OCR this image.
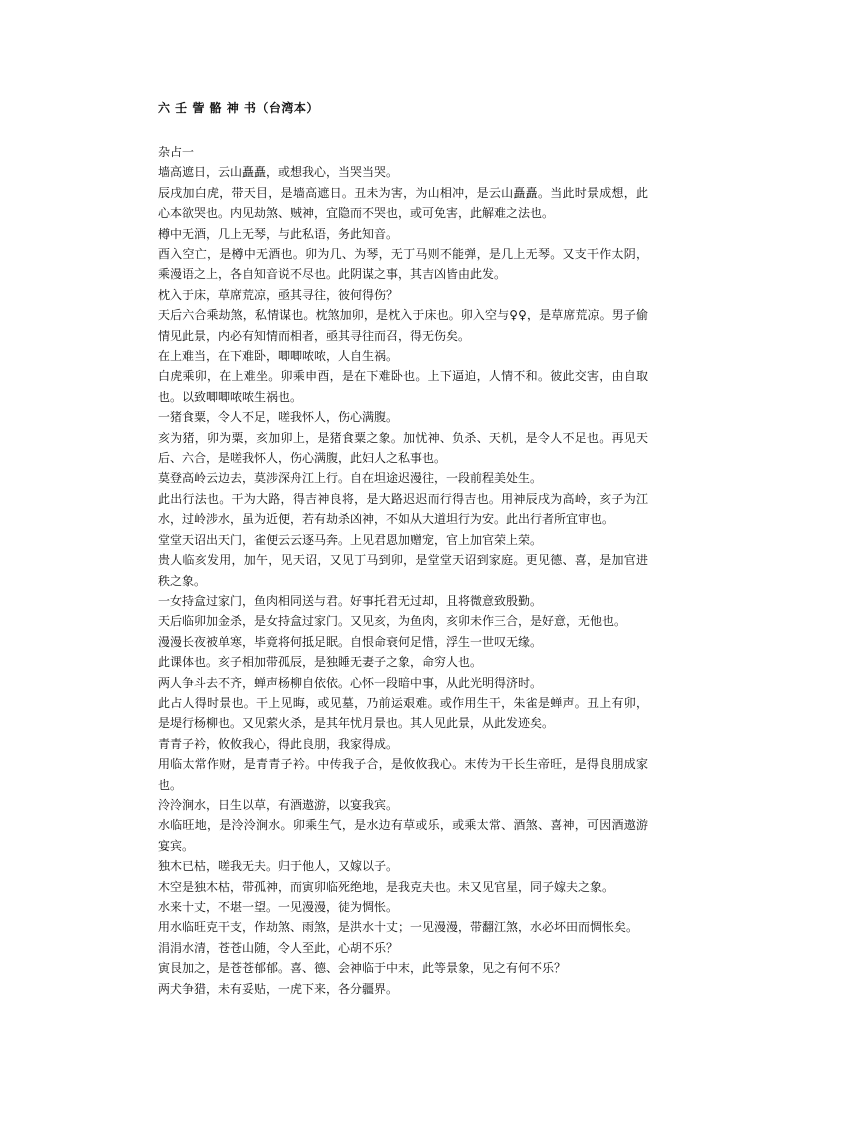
六 壬 訾 骼 神 书（台湾本）
杂占一

墙高遮日，云山矗矗，或想我心，当哭当哭。

辰戌加白虎，带天目，是墙高遮日。丑未为害，为山相冲，是云山矗矗。当此时景成想，此心本欲哭也。内见劫煞、贼神，宜隐而不哭也，或可免害，此解难之法也。

樽中无酒，几上无琴，与此私语，务此知音。

酉入空亡，是樽中无酒也。卯为几、为琴，无丁马则不能弹，是几上无琴。又支干作太阴，乘漫语之上，各自知音说不尽也。此阴谋之事，其吉凶皆由此发。

枕入于床，草席荒凉，亟其寻往，彼何得伤？

天后六合乘劫煞，私情谋也。枕煞加卯，是枕入于床也。卯入空与♀♀，是草席荒凉。男子偷情见此景，内必有知情而相者，亟其寻往而召，得无伤矣。

在上难当，在下难卧，唧唧哝哝，人自生祸。

白虎乘卯，在上难坐。卯乘申酉，是在下难卧也。上下逼迫，人情不和。彼此交害，由自取也。以致唧唧哝哝生祸也。

一猪食粟，令人不足，嗟我怀人，伤心满腹。

亥为猪，卯为粟，亥加卯上，是猪食粟之象。加忧神、负杀、天机，是令人不足也。再见天后、六合，是嗟我怀人，伤心满腹，此妇人之私事也。

莫登高岭云边去，莫涉深舟江上行。自在坦途迟漫往，一段前程美处生。

此出行法也。干为大路，得吉神良将，是大路迟迟而行得吉也。用神辰戌为高岭，亥子为江水，过岭涉水，虽为近便，若有劫杀凶神，不如从大道坦行为安。此出行者所宜审也。

堂堂天诏出天门，雀便云云逐马奔。上见君恩加赠宠，官上加官荣上荣。

贵人临亥发用，加午，见天诏，又见丁马到卯，是堂堂天诏到家庭。更见德、喜，是加官进秩之象。

一女持盒过家门，鱼肉相同送与君。好事托君无过却，且将微意致殷勤。

天后临卯加金杀，是女持盒过家门。又见亥，为鱼肉，亥卯未作三合，是好意，无他也。

漫漫长夜被单寒，毕竟将何抵足眠。自恨命衰何足惜，浮生一世叹无缘。

此课体也。亥子相加带孤辰，是独睡无妻子之象，命穷人也。

两人争斗去不齐，蝉声杨柳自依依。心怀一段暗中事，从此光明得济时。

此占人得时景也。干上见晦，或见墓，乃前运艰难。或作用生干，朱雀是蝉声。丑上有卯，是堤行杨柳也。又见萦火杀，是其年忧月景也。其人见此景，从此发迹矣。

青青子衿，攸攸我心，得此良朋，我家得成。

用临太常作财，是青青子衿。中传我子合，是攸攸我心。末传为干长生帝旺，是得良朋成家也。

泠泠涧水，日生以草，有酒遨游，以宴我宾。

水临旺地，是泠泠涧水。卯乘生气，是水边有草或乐，或乘太常、酒煞、喜神，可因酒遨游宴宾。

独木已枯，嗟我无夫。归于他人，又嫁以子。

木空是独木枯，带孤神，而寅卯临死绝地，是我克夫也。未又见官星，同子嫁夫之象。

水来十丈，不堪一望。一见漫漫，徒为惆怅。

用水临旺克干支，作劫煞、雨煞，是洪水十丈；一见漫漫，带翻江煞，水必坏田而惆怅矣。

涓涓水清，苍苍山随，令人至此，心胡不乐？

寅艮加之，是苍苍郁郁。喜、德、会神临于中末，此等景象，见之有何不乐？

两犬争猎，未有妥贴，一虎下来，各分疆界。
